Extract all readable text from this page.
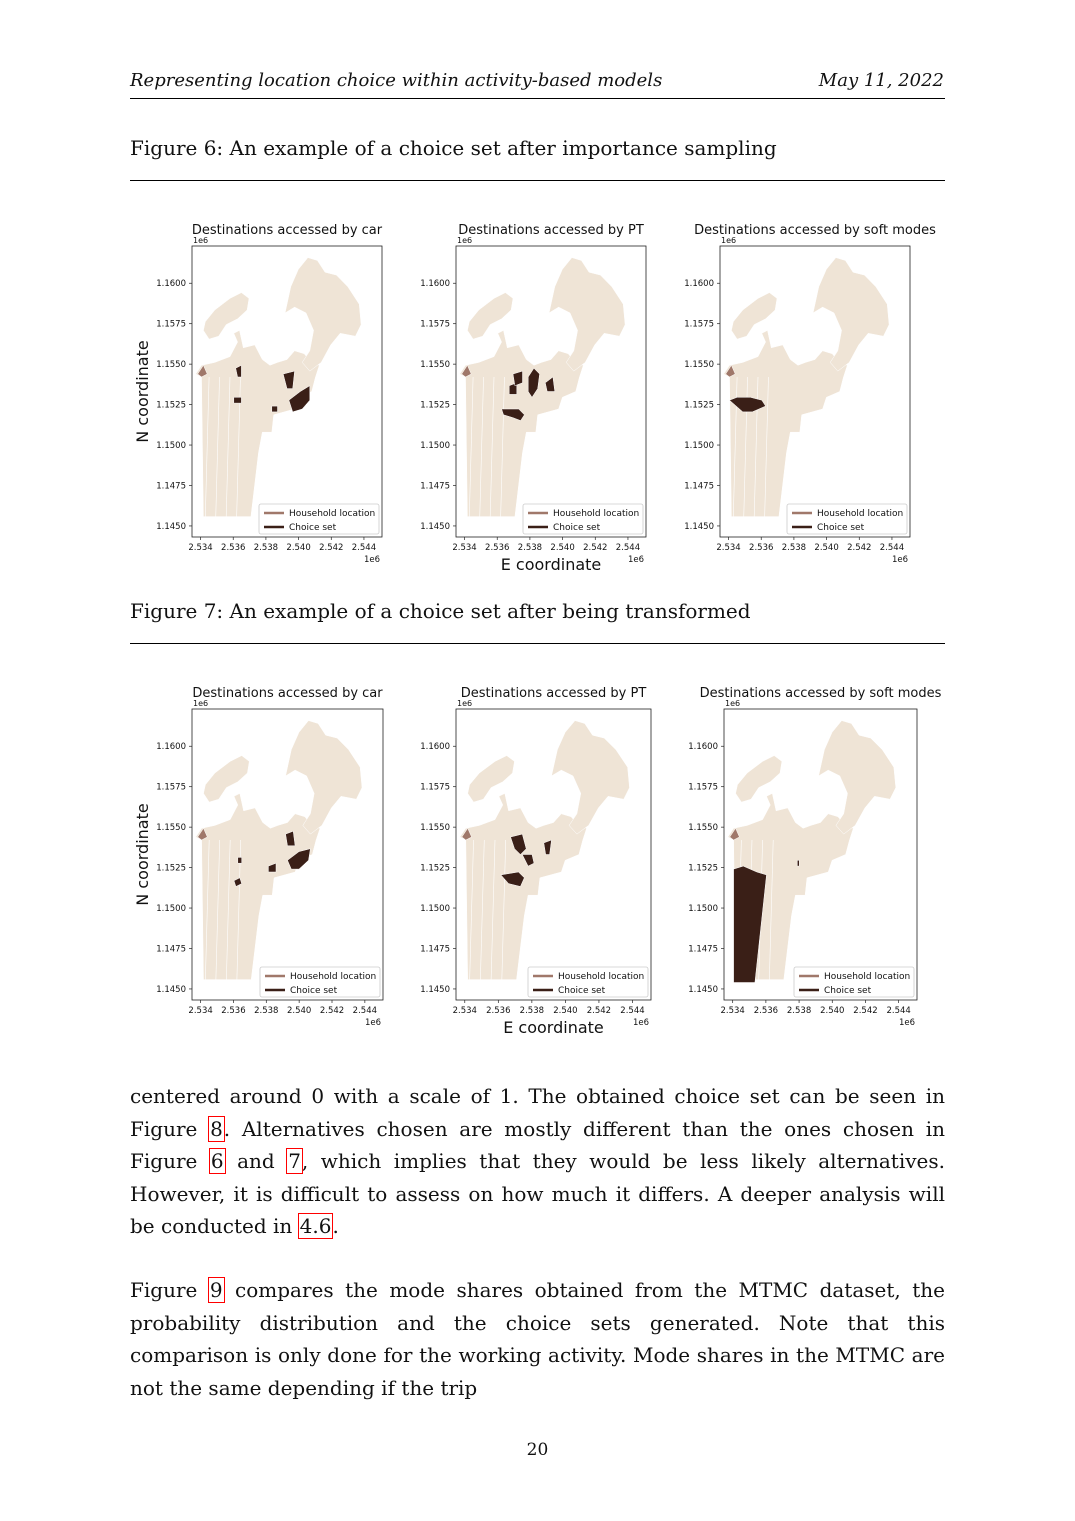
Representing location choice within activity-based models	May 11, 2022
Figure 6: An example of a choice set after importance sampling
Destinations accessed by car
1e6
1.1600
1.1575
1.1550
1.1525
1.1500
1.1475
1.1450
2.534 2.536 2.538 2.540 2.542 2.544
1e6
Household location
Choice set
Destinations accessed by PT
1e6
1.1600
1.1575
1.1550
1.1525
1.1500
1.1475
1.1450
2.534 2.536 2.538 2.540 2.542 2.544
1e6
Household location
Choice set
Destinations accessed by soft modes
1e6
1.1600
1.1575
1.1550
1.1525
1.1500
1.1475
1.1450
2.534 2.536 2.538 2.540 2.542 2.544
1e6
Household location
Choice set
N coordinate
E coordinate
Figure 7: An example of a choice set after being transformed
Destinations accessed by car
1e6
1.1600
1.1575
1.1550
1.1525
1.1500
1.1475
1.1450
2.534 2.536 2.538 2.540 2.542 2.544
1e6
Household location
Choice set
Destinations accessed by PT
1e6
1.1600
1.1575
1.1550
1.1525
1.1500
1.1475
1.1450
2.534 2.536 2.538 2.540 2.542 2.544
1e6
Household location
Choice set
Destinations accessed by soft modes
1e6
1.1600
1.1575
1.1550
1.1525
1.1500
1.1475
1.1450
2.534 2.536 2.538 2.540 2.542 2.544
1e6
Household location
Choice set
N coordinate
E coordinate

centered around 0 with a scale of 1. The obtained choice set can be seen in Figure 8. Alternatives chosen are mostly different than the ones chosen in Figure 6 and 7, which implies that they would be less likely alternatives. However, it is difficult to assess on how much it differs. A deeper analysis will be conducted in 4.6.

Figure 9 compares the mode shares obtained from the MTMC dataset, the probability distribution and the choice sets generated. Note that this comparison is only done for the working activity. Mode shares in the MTMC are not the same depending if the trip

20
